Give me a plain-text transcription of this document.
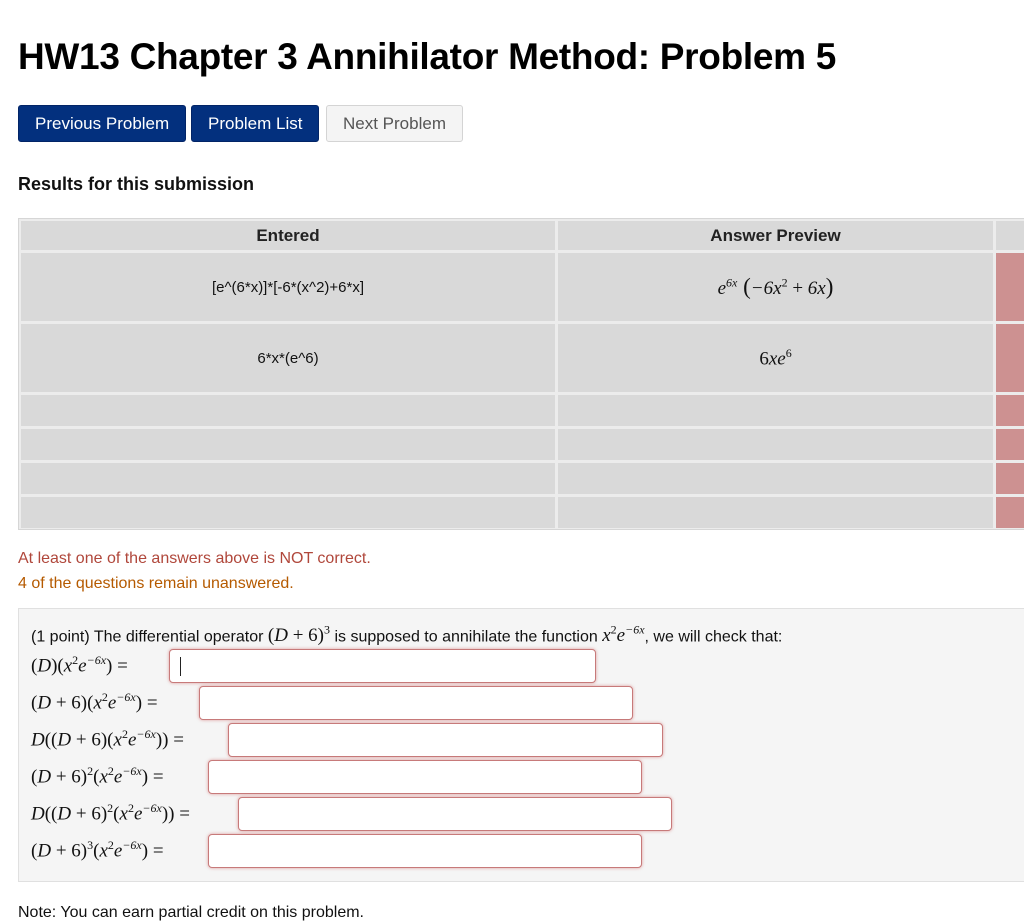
HW13 Chapter 3 Annihilator Method: Problem 5
Previous Problem	Problem List	Next Problem
Results for this submission
Entered	Answer Preview
[e^(6*x)]*[-6*(x^2)+6*x]	$e^{6x}$ $(-6x^2 + 6x)$
6*x*(e^6)	$6xe^6$
At least one of the answers above is NOT correct.
4 of the questions remain unanswered.
(1 point) The differential operator $(D + 6)^3$ is supposed to annihilate the function $x^2e^{-6x}$, we will check that:
$(D)(x^2e^{-6x})$ =
$(D + 6)(x^2e^{-6x})$ =
$D((D + 6)(x^2e^{-6x}))$ =
$(D + 6)^2(x^2e^{-6x})$ =
$D((D + 6)^2(x^2e^{-6x}))$ =
$(D + 6)^3(x^2e^{-6x})$ =
Note: You can earn partial credit on this problem.
